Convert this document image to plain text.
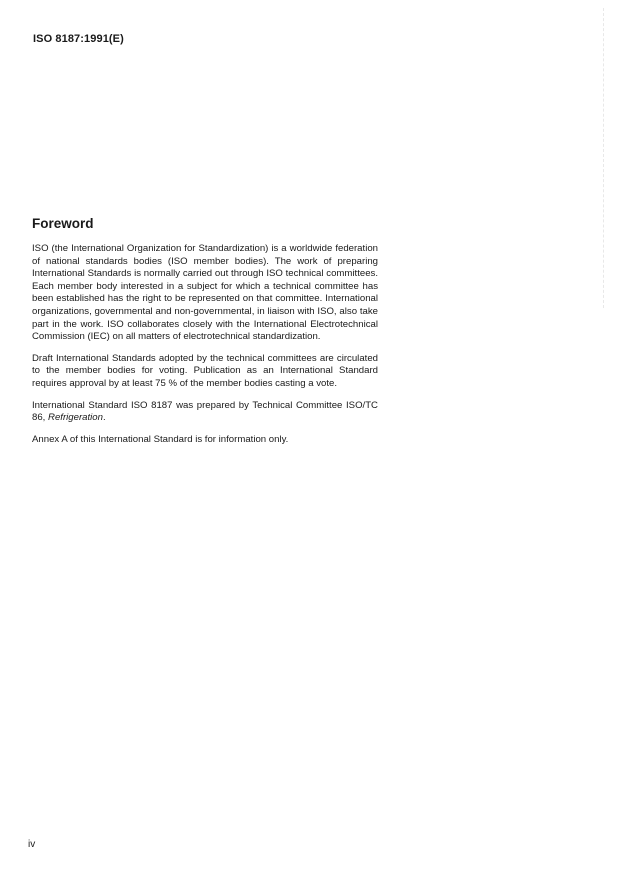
ISO 8187:1991(E)
Foreword

ISO (the International Organization for Standardization) is a worldwide federation of national standards bodies (ISO member bodies). The work of preparing International Standards is normally carried out through ISO technical committees. Each member body interested in a subject for which a technical committee has been established has the right to be represented on that committee. International organizations, governmental and non-governmental, in liaison with ISO, also take part in the work. ISO collaborates closely with the International Electrotechnical Commission (IEC) on all matters of electrotechnical standardization.

Draft International Standards adopted by the technical committees are circulated to the member bodies for voting. Publication as an International Standard requires approval by at least 75 % of the member bodies casting a vote.

International Standard ISO 8187 was prepared by Technical Committee ISO/TC 86, Refrigeration.

Annex A of this International Standard is for information only.

iv
